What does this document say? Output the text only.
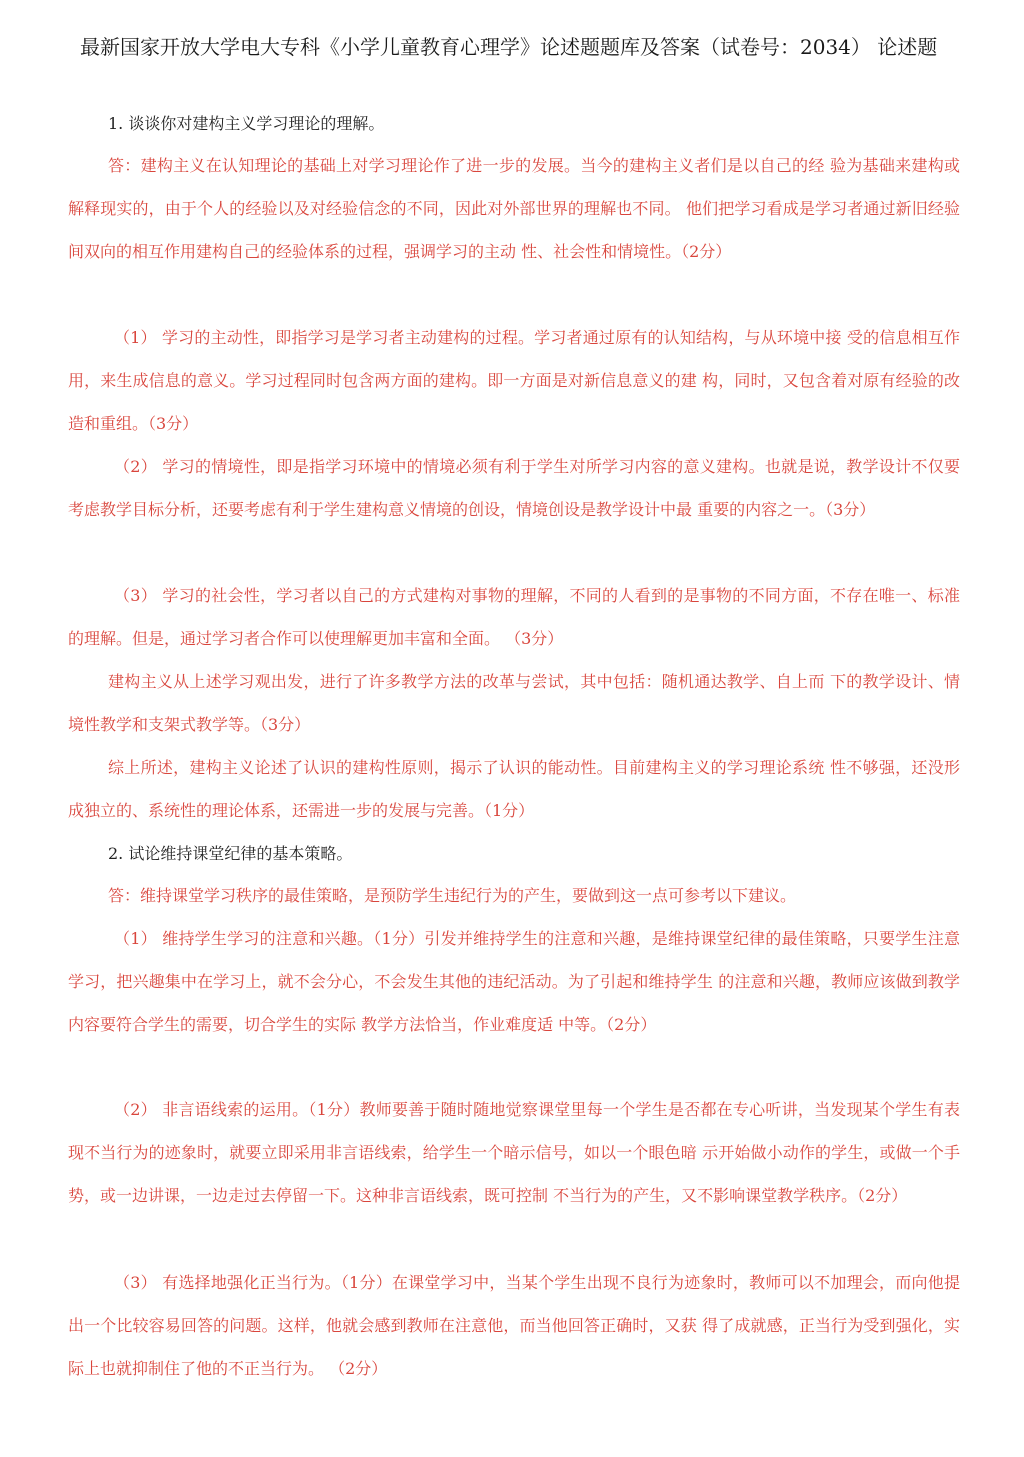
最新国家开放大学电大专科《小学儿童教育心理学》论述题题库及答案（试卷号：2034） 论述题

1. 谈谈你对建构主义学习理论的理解。

答：建构主义在认知理论的基础上对学习理论作了进一步的发展。当今的建构主义者们是以自己的经 验为基础来建构或解释现实的，由于个人的经验以及对经验信念的不同，因此对外部世界的理解也不同。 他们把学习看成是学习者通过新旧经验间双向的相互作用建构自己的经验体系的过程，强调学习的主动 性、社会性和情境性。（2分）

（1） 学习的主动性，即指学习是学习者主动建构的过程。学习者通过原有的认知结构，与从环境中接 受的信息相互作用，来生成信息的意义。学习过程同时包含两方面的建构。即一方面是对新信息意义的建 构，同时，又包含着对原有经验的改造和重组。（3分）

（2） 学习的情境性，即是指学习环境中的情境必须有利于学生对所学习内容的意义建构。也就是说，教学设计不仅要考虑教学目标分析，还要考虑有利于学生建构意义情境的创设，情境创设是教学设计中最 重要的内容之一。（3分）

（3） 学习的社会性，学习者以自己的方式建构对事物的理解，不同的人看到的是事物的不同方面，不存在唯一、标准的理解。但是，通过学习者合作可以使理解更加丰富和全面。 （3分）

建构主义从上述学习观出发，进行了许多教学方法的改革与尝试，其中包括：随机通达教学、自上而 下的教学设计、情境性教学和支架式教学等。（3分）

综上所述，建构主义论述了认识的建构性原则，揭示了认识的能动性。目前建构主义的学习理论系统 性不够强，还没形成独立的、系统性的理论体系，还需进一步的发展与完善。（1分）

2. 试论维持课堂纪律的基本策略。

答：维持课堂学习秩序的最佳策略，是预防学生违纪行为的产生，要做到这一点可参考以下建议。

（1） 维持学生学习的注意和兴趣。（1分）引发并维持学生的注意和兴趣，是维持课堂纪律的最佳策略，只要学生注意学习，把兴趣集中在学习上，就不会分心，不会发生其他的违纪活动。为了引起和维持学生 的注意和兴趣，教师应该做到教学内容要符合学生的需要，切合学生的实际 教学方法恰当，作业难度适 中等。（2分）

（2） 非言语线索的运用。（1分）教师要善于随时随地觉察课堂里每一个学生是否都在专心听讲，当发现某个学生有表现不当行为的迹象时，就要立即采用非言语线索，给学生一个暗示信号，如以一个眼色暗 示开始做小动作的学生，或做一个手势，或一边讲课，一边走过去停留一下。这种非言语线索，既可控制 不当行为的产生，又不影响课堂教学秩序。（2分）

（3） 有选择地强化正当行为。（1分）在课堂学习中，当某个学生出现不良行为迹象时，教师可以不加理会，而向他提出一个比较容易回答的问题。这样，他就会感到教师在注意他，而当他回答正确时，又获 得了成就感，正当行为受到强化，实际上也就抑制住了他的不正当行为。 （2分）
